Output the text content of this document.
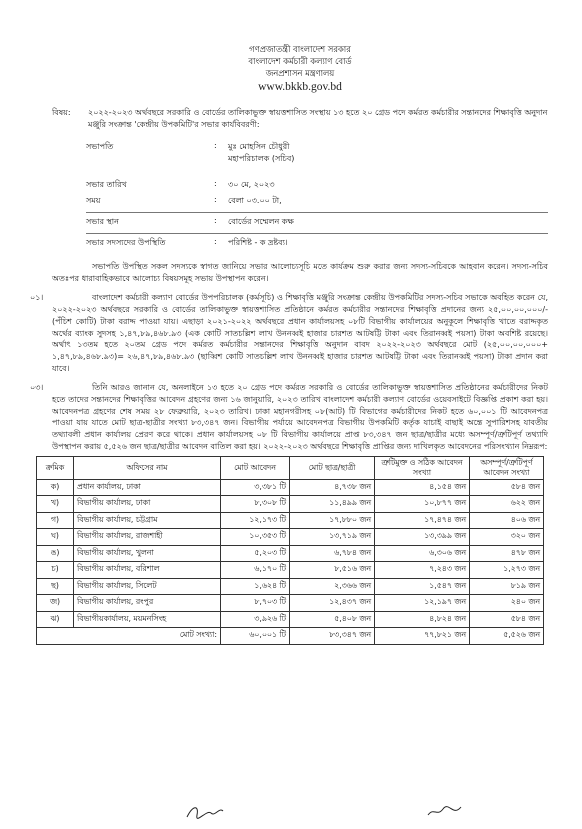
গণপ্রজাতন্ত্রী বাংলাদেশ সরকার
বাংলাদেশ কর্মচারী কল্যাণ বোর্ড
জনপ্রশাসন মন্ত্রণালয়
www.bkkb.gov.bd
বিষয়:	২০২২-২০২৩ অর্থবছরে সরকারি ও বোর্ডের তালিকাভুক্ত স্বায়ত্তশাসিত সংস্থায় ১৩ হতে ২০ গ্রেড পদে কর্মরত কর্মচারীর সন্তানদের শিক্ষাবৃত্তি অনুদান মঞ্জুরি সংক্রান্ত 'কেন্দ্রীয় উপকমিটি'র সভার কার্যবিবরণী:
সভাপতি	:	মুঃ মোহসিন চৌধুরী
মহাপরিচালক (সচিব)
সভার তারিখ	:	৩০ মে, ২০২৩
সময়	:	বেলা ০৩.০০ টা,
সভার স্থান	:	বোর্ডের সম্মেলন কক্ষ
সভার সদস্যদের উপস্থিতি	:	পরিশিষ্ট - ক দ্রষ্টব্য।
সভাপতি উপস্থিত সকল সদস্যকে স্বাগত জানিয়ে সভার আলোচ্যসূচি মতে কার্যক্রম শুরু করার জন্য সদস্য-সচিবকে আহবান করেন। সদস্য-সচিব অতঃপর ধারাবাহিকভাবে আলোচ্য বিষয়সমূহ সভায় উপস্থাপন করেন।
০১।	বাংলাদেশ কর্মচারী কল্যাণ বোর্ডের উপপরিচালক (কর্মসূচি) ও শিক্ষাবৃত্তি মঞ্জুরি সংক্রান্ত কেন্দ্রীয় উপকমিটির সদস্য-সচিব সভাকে অবহিত করেন যে, ২০২২-২০২৩ অর্থবছরে সরকারি ও বোর্ডের তালিকাভুক্ত স্বায়ত্তশাসিত প্রতিষ্ঠানে কর্মরত কর্মচারীর সন্তানদের শিক্ষাবৃত্তি প্রদানের জন্য ২৫,০০,০০,০০০/- (পঁচিশ কোটি) টাকা বরাদ্দ পাওয়া যায়। এছাড়া ২০২১-২০২২ অর্থবছরে প্রধান কার্যালয়সহ ০৮টি বিভাগীয় কার্যালয়ের অনুকূলে শিক্ষাবৃত্তি খাতে বরাদ্দকৃত অর্থের ব্যাংক সুদসহ ১,৪৭,৮৯,৪৬৮.৯৩ (এক কোটি সাতচল্লিশ লাখ উননব্বই হাজার চারশত আটষট্টি টাকা এবং তিরানব্বই পয়সা) টাকা অবশিষ্ট রয়েছে। অর্থাৎ ১৩তম হতে ২০তম গ্রেড পদে কর্মরত কর্মচারীর সন্তানদের শিক্ষাবৃত্তি অনুদান বাবদ ২০২২-২০২৩ অর্থবছরে মোট (২৫,০০,০০,০০০+ ১,৪৭,৮৯,৪৬৮.৯৩)= ২৬,৪৭,৮৯,৪৬৮.৯৩ (ছাব্বিশ কোটি সাতচল্লিশ লাখ উননব্বই হাজার চারশত আটষট্টি টাকা এবং তিরানব্বই পয়সা) টাকা প্রদান করা যাবে।
০৩।	তিনি আরও জানান যে, অনলাইনে ১৩ হতে ২০ গ্রেড পদে কর্মরত সরকারি ও বোর্ডের তালিকাভুক্ত স্বায়ত্তশাসিত প্রতিষ্ঠানের কর্মচারীদের নিকট হতে তাদের সন্তানদের শিক্ষাবৃত্তির আবেদন গ্রহণের জন্য ১৬ জানুয়ারি, ২০২৩ তারিখ বাংলাদেশ কর্মচারী কল্যাণ বোর্ডের ওয়েবসাইটে বিজ্ঞপ্তি প্রকাশ করা হয়। আবেদনপত্র গ্রহণের শেষ সময় ২৮ ফেব্রুয়ারি, ২০২৩ তারিখ। ঢাকা মহানগরীসহ ০৮(আট) টি বিভাগের কর্মচারীদের নিকট হতে ৬০,০০১ টি আবেদনপত্র পাওয়া যায় যাতে মোট ছাত্র-ছাত্রীর সংখ্যা ৮৩,৩৪৭ জন। বিভাগীয় পর্যায়ে আবেদনপত্র বিভাগীয় উপকমিটি কর্তৃক যাচাই বাছাই অন্তে সুপারিশসহ যাবতীয় তথ্যাবলী প্রধান কার্যালয় প্রেরণ করে থাকে। প্রধান কার্যালয়সহ ০৮ টি বিভাগীয় কার্যালয়ে প্রাপ্ত ৮৩,৩৪৭ জন ছাত্র/ছাত্রীর মধ্যে অসম্পূর্ণ/ত্রুটিপূর্ণ তথ্যাদি উপস্থাপন করায় ৫,৫২৬ জন ছাত্র/ছাত্রীর আবেদন বাতিল করা হয়। ২০২২-২০২৩ অর্থবছরে শিক্ষাবৃত্তি প্রাপ্তির জন্য দাখিলকৃত আবেদনের পরিসংখ্যান নিম্নরূপ:
ক্রমিক	অফিসের নাম	মোট আবেদন	মোট ছাত্র/ছাত্রী	ত্রুটিমুক্ত ও সঠিক আবেদন সংখ্যা	অসম্পূর্ণ/ত্রুটিপূর্ণ আবেদন সংখ্যা
ক)	প্রধান কার্যালয়, ঢাকা	৩,৩৮১ টি	৪,৭৩৮ জন	৪,১৫৪ জন	৫৮৪ জন
খ)	বিভাগীয় কার্যালয়, ঢাকা	৮,৩০৮ টি	১১,৪৯৯ জন	১০,৮৭৭ জন	৬২২ জন
গ)	বিভাগীয় কার্যালয়, চট্টগ্রাম	১২,১৭৩ টি	১৭,৮৮০ জন	১৭,৪৭৪ জন	৪০৬ জন
ঘ)	বিভাগীয় কার্যালয়, রাজশাহী	১০,৩৫৩ টি	১৩,৭১৯ জন	১৩,৩৯৯ জন	৩২০ জন
ঙ)	বিভাগীয় কার্যালয়, খুলনা	৫,২০৩ টি	৬,৭৮৪ জন	৬,৩০৬ জন	৪৭৮ জন
চ)	বিভাগীয় কার্যালয়, বরিশাল	৬,১৭০ টি	৮,৫১৬ জন	৭,২৪৩ জন	১,২৭৩ জন
ছ)	বিভাগীয় কার্যালয়, সিলেট	১,৬২৪ টি	২,৩৬৬ জন	১,৫৪৭ জন	৮১৯ জন
জ)	বিভাগীয় কার্যালয়, রংপুর	৮,৭০৩ টি	১২,৪৩৭ জন	১২,১৯৭ জন	২৪০ জন
ঝ)	বিভাগীয়কার্যালয়, ময়মনসিংহ	৩,৯২৬ টি	৫,৪০৮ জন	৪,৮২৪ জন	৫৮৪ জন
মোট সংখ্যা:		৬০,০০১ টি	৮৩,৩৪৭ জন	৭৭,৮২১ জন	৫,৫২৬ জন
